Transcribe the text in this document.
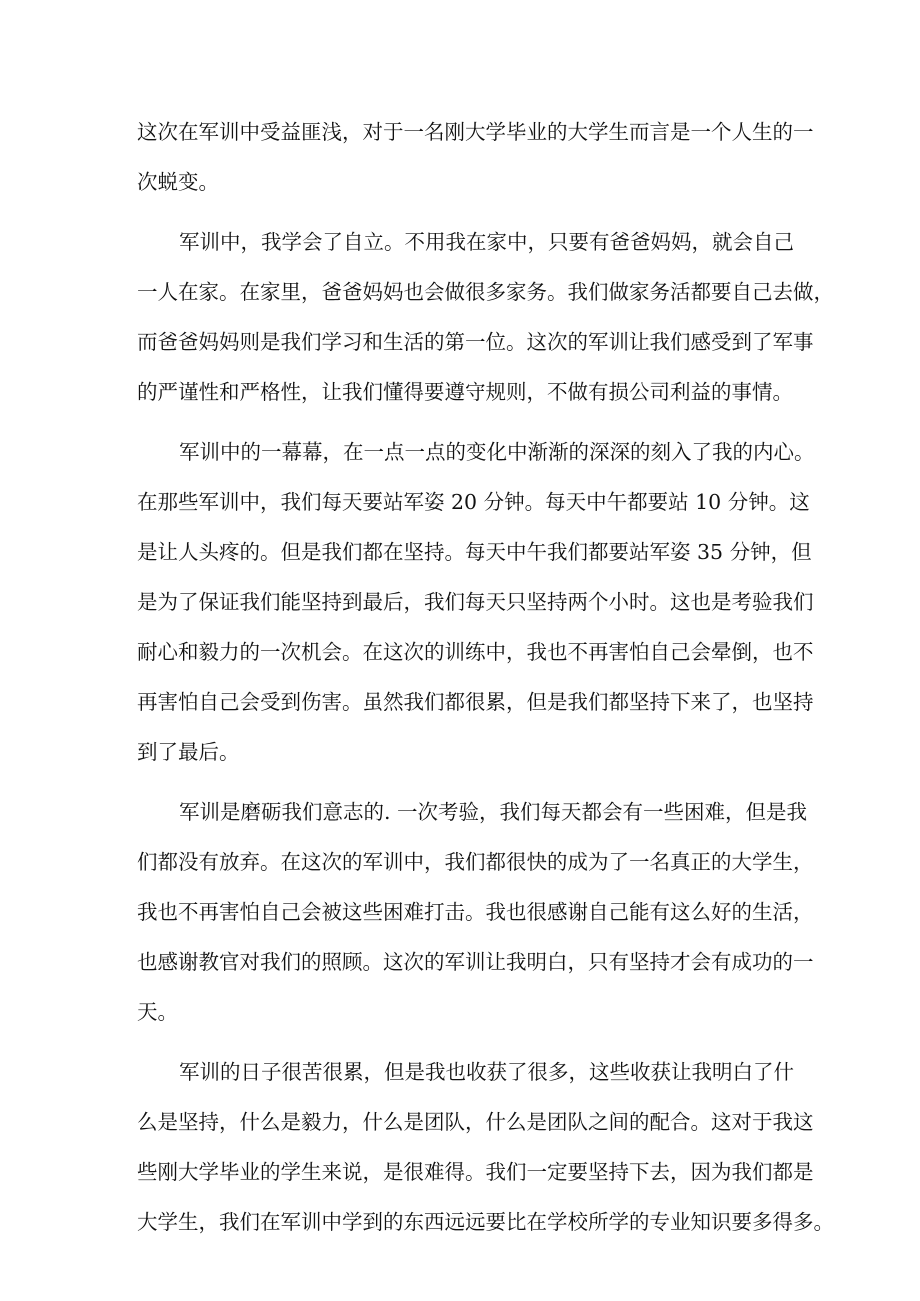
这次在军训中受益匪浅，对于一名刚大学毕业的大学生而言是一个人生的一
次蜕变。
军训中，我学会了自立。不用我在家中，只要有爸爸妈妈，就会自己
一人在家。在家里，爸爸妈妈也会做很多家务。我们做家务活都要自己去做，
而爸爸妈妈则是我们学习和生活的第一位。这次的军训让我们感受到了军事
的严谨性和严格性，让我们懂得要遵守规则，不做有损公司利益的事情。
军训中的一幕幕，在一点一点的变化中渐渐的深深的刻入了我的内心。
在那些军训中，我们每天要站军姿 20 分钟。每天中午都要站 10 分钟。这
是让人头疼的。但是我们都在坚持。每天中午我们都要站军姿 35 分钟，但
是为了保证我们能坚持到最后，我们每天只坚持两个小时。这也是考验我们
耐心和毅力的一次机会。在这次的训练中，我也不再害怕自己会晕倒，也不
再害怕自己会受到伤害。虽然我们都很累，但是我们都坚持下来了，也坚持
到了最后。
军训是磨砺我们意志的. 一次考验，我们每天都会有一些困难，但是我
们都没有放弃。在这次的军训中，我们都很快的成为了一名真正的大学生，
我也不再害怕自己会被这些困难打击。我也很感谢自己能有这么好的生活，
也感谢教官对我们的照顾。这次的军训让我明白，只有坚持才会有成功的一
天。
军训的日子很苦很累，但是我也收获了很多，这些收获让我明白了什
么是坚持，什么是毅力，什么是团队，什么是团队之间的配合。这对于我这
些刚大学毕业的学生来说，是很难得。我们一定要坚持下去，因为我们都是
大学生，我们在军训中学到的东西远远要比在学校所学的专业知识要多得多。
